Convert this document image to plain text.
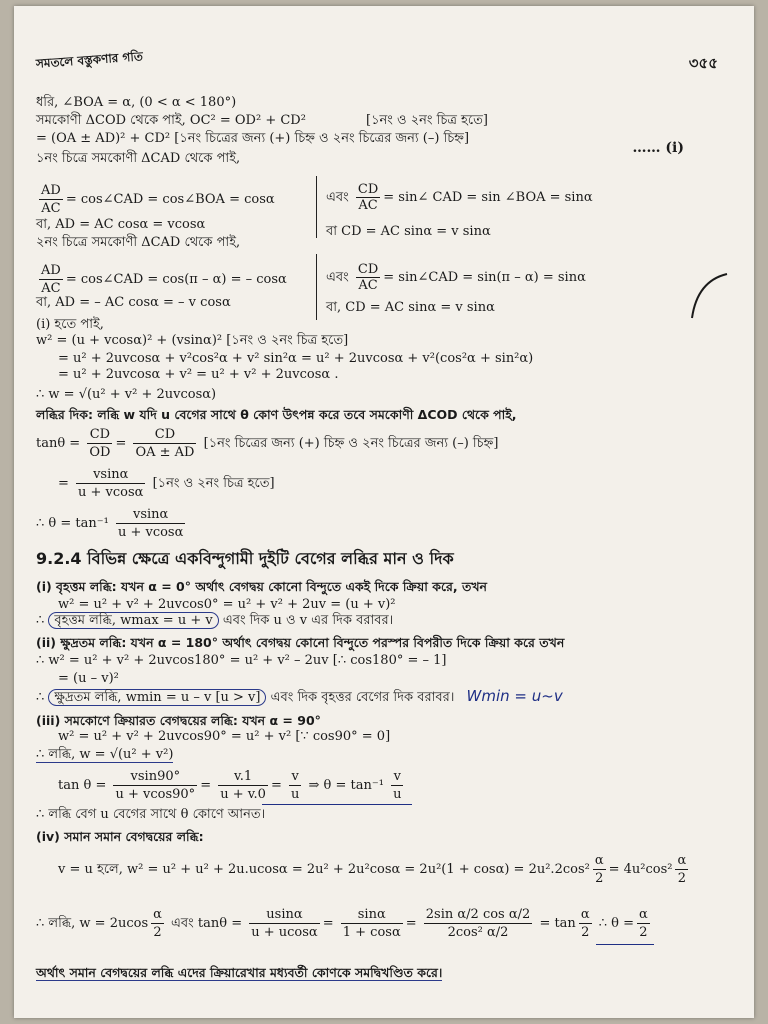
সমতলে বস্তুকণার গতি	৩৫৫
ধরি, ∠BOA = α, (0 < α < 180°)
সমকোণী ΔCOD থেকে পাই, OC² = OD² + CD²	[১নং ও ২নং চিত্র হতে]
= (OA ± AD)² + CD² [১নং চিত্রের জন্য (+) চিহ্ন ও ২নং চিত্রের জন্য (–) চিহ্ন]
…… (i)
১নং চিত্রে সমকোণী ΔCAD থেকে পাই,
$\frac{AD}{AC}$ = cos∠CAD = cos∠BOA = cosα	এবং $\frac{CD}{AC}$ = sin∠ CAD = sin ∠BOA = sinα
বা, AD = AC cosα = vcosα	বা CD = AC sinα = v sinα
২নং চিত্রে সমকোণী ΔCAD থেকে পাই,
$\frac{AD}{AC}$ = cos∠CAD = cos(π – α) = – cosα	এবং $\frac{CD}{AC}$ = sin∠CAD = sin(π – α) = sinα
বা, AD = – AC cosα = – v cosα	বা, CD = AC sinα = v sinα
(i) হতে পাই,
w² = (u + vcosα)² + (vsinα)² [১নং ও ২নং চিত্র হতে]
= u² + 2uvcosα + v²cos²α + v² sin²α = u² + 2uvcosα + v²(cos²α + sin²α)
= u² + 2uvcosα + v² = u² + v² + 2uvcosα .
∴ w = √(u² + v² + 2uvcosα)
লব্ধির দিক: লব্ধি w যদি u বেগের সাথে θ কোণ উৎপন্ন করে তবে সমকোণী ΔCOD থেকে পাই,
$\tan\theta = \frac{CD}{OD} = \frac{CD}{OA \pm AD}$ [১নং চিত্রের জন্য (+) চিহ্ন ও ২নং চিত্রের জন্য (–) চিহ্ন]
= $\frac{vsin\alpha}{u + vcos\alpha}$ [১নং ও ২নং চিত্র হতে]
∴ $\theta = \tan^{-1} \frac{vsin\alpha}{u + vcos\alpha}$
9.2.4 বিভিন্ন ক্ষেত্রে একবিন্দুগামী দুইটি বেগের লব্ধির মান ও দিক
(i) বৃহত্তম লব্ধি: যখন α = 0° অর্থাৎ বেগদ্বয় কোনো বিন্দুতে একই দিকে ক্রিয়া করে, তখন
w² = u² + v² + 2uvcos0° = u² + v² + 2uv = (u + v)²
∴ বৃহত্তম লব্ধি, wmax = u + v এবং দিক u ও v এর দিক বরাবর।
(ii) ক্ষুদ্রতম লব্ধি: যখন α = 180° অর্থাৎ বেগদ্বয় কোনো বিন্দুতে পরস্পর বিপরীত দিকে ক্রিয়া করে তখন
∴ w² = u² + v² + 2uvcos180° = u² + v² – 2uv [∴ cos180° = – 1]
= (u – v)²
∴ ক্ষুদ্রতম লব্ধি, wmin = u – v [u > v] এবং দিক বৃহত্তর বেগের দিক বরাবর। Wmin = u~v
(iii) সমকোণে ক্রিয়ারত বেগদ্বয়ের লব্ধি: যখন α = 90°
w² = u² + v² + 2uvcos90° = u² + v² [∵ cos90° = 0]
∴ লব্ধি, w = √(u² + v²)
$\tan \theta = \frac{vsin90^\circ}{u + vcos90^\circ} = \frac{v.1}{u + v.0} = \frac{v}{u}$ ⇒ $\theta = \tan^{-1} \frac{v}{u}$
∴ লব্ধি বেগ u বেগের সাথে θ কোণে আনত।
(iv) সমান সমান বেগদ্বয়ের লব্ধি:
v = u হলে, $w^2 = u^2 + u^2 + 2u.ucos\alpha = 2u^2 + 2u^2\cos\alpha = 2u^2(1 + \cos\alpha) = 2u^2.2\cos^2 \frac{\alpha}{2} = 4u^2\cos^2 \frac{\alpha}{2}$
∴ লব্ধি, $w = 2ucos \frac{\alpha}{2}$ এবং $\tan\theta = \frac{usin\alpha}{u + ucos\alpha} = \frac{\sin\alpha}{1 + \cos\alpha} = \frac{\text{2sin α/2 cos α/2}}{\text{2cos² α/2}} = \tan \frac{\alpha}{2}$ ∴ $\theta = \frac{\alpha}{2}$
অর্থাৎ সমান বেগদ্বয়ের লব্ধি এদের ক্রিয়ারেখার মধ্যবর্তী কোণকে সমদ্বিখণ্ডিত করে।
